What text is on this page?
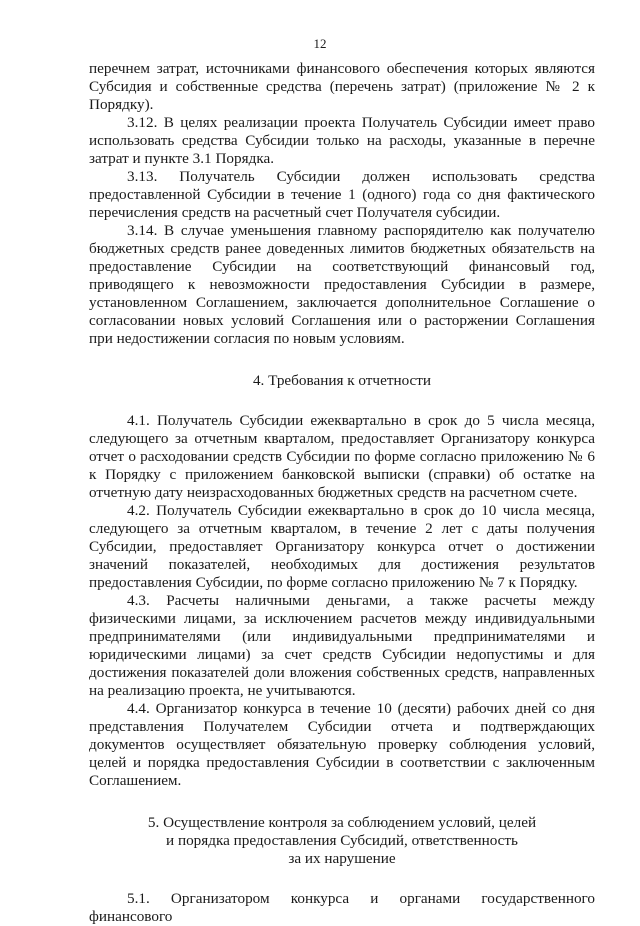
12

перечнем затрат, источниками финансового обеспечения которых являются Субсидия и собственные средства (перечень затрат) (приложение № 2 к Порядку).

3.12. В целях реализации проекта Получатель Субсидии имеет право использовать средства Субсидии только на расходы, указанные в перечне затрат и пункте 3.1 Порядка.

3.13. Получатель Субсидии должен использовать средства предоставленной Субсидии в течение 1 (одного) года со дня фактического перечисления средств на расчетный счет Получателя субсидии.

3.14. В случае уменьшения главному распорядителю как получателю бюджетных средств ранее доведенных лимитов бюджетных обязательств на предоставление Субсидии на соответствующий финансовый год, приводящего к невозможности предоставления Субсидии в размере, установленном Соглашением, заключается дополнительное Соглашение о согласовании новых условий Соглашения или о расторжении Соглашения при недостижении согласия по новым условиям.

4. Требования к отчетности

4.1. Получатель Субсидии ежеквартально в срок до 5 числа месяца, следующего за отчетным кварталом, предоставляет Организатору конкурса отчет о расходовании средств Субсидии по форме согласно приложению № 6 к Порядку с приложением банковской выписки (справки) об остатке на отчетную дату неизрасходованных бюджетных средств на расчетном счете.

4.2. Получатель Субсидии ежеквартально в срок до 10 числа месяца, следующего за отчетным кварталом, в течение 2 лет с даты получения Субсидии, предоставляет Организатору конкурса отчет о достижении значений показателей, необходимых для достижения результатов предоставления Субсидии, по форме согласно приложению № 7 к Порядку.

4.3. Расчеты наличными деньгами, а также расчеты между физическими лицами, за исключением расчетов между индивидуальными предпринимателями (или индивидуальными предпринимателями и юридическими лицами) за счет средств Субсидии недопустимы и для достижения показателей доли вложения собственных средств, направленных на реализацию проекта, не учитываются.

4.4. Организатор конкурса в течение 10 (десяти) рабочих дней со дня представления Получателем Субсидии отчета и подтверждающих документов осуществляет обязательную проверку соблюдения условий, целей и порядка предоставления Субсидии в соответствии с заключенным Соглашением.

5. Осуществление контроля за соблюдением условий, целей
и порядка предоставления Субсидий, ответственность
за их нарушение

5.1. Организатором конкурса и органами государственного финансового
